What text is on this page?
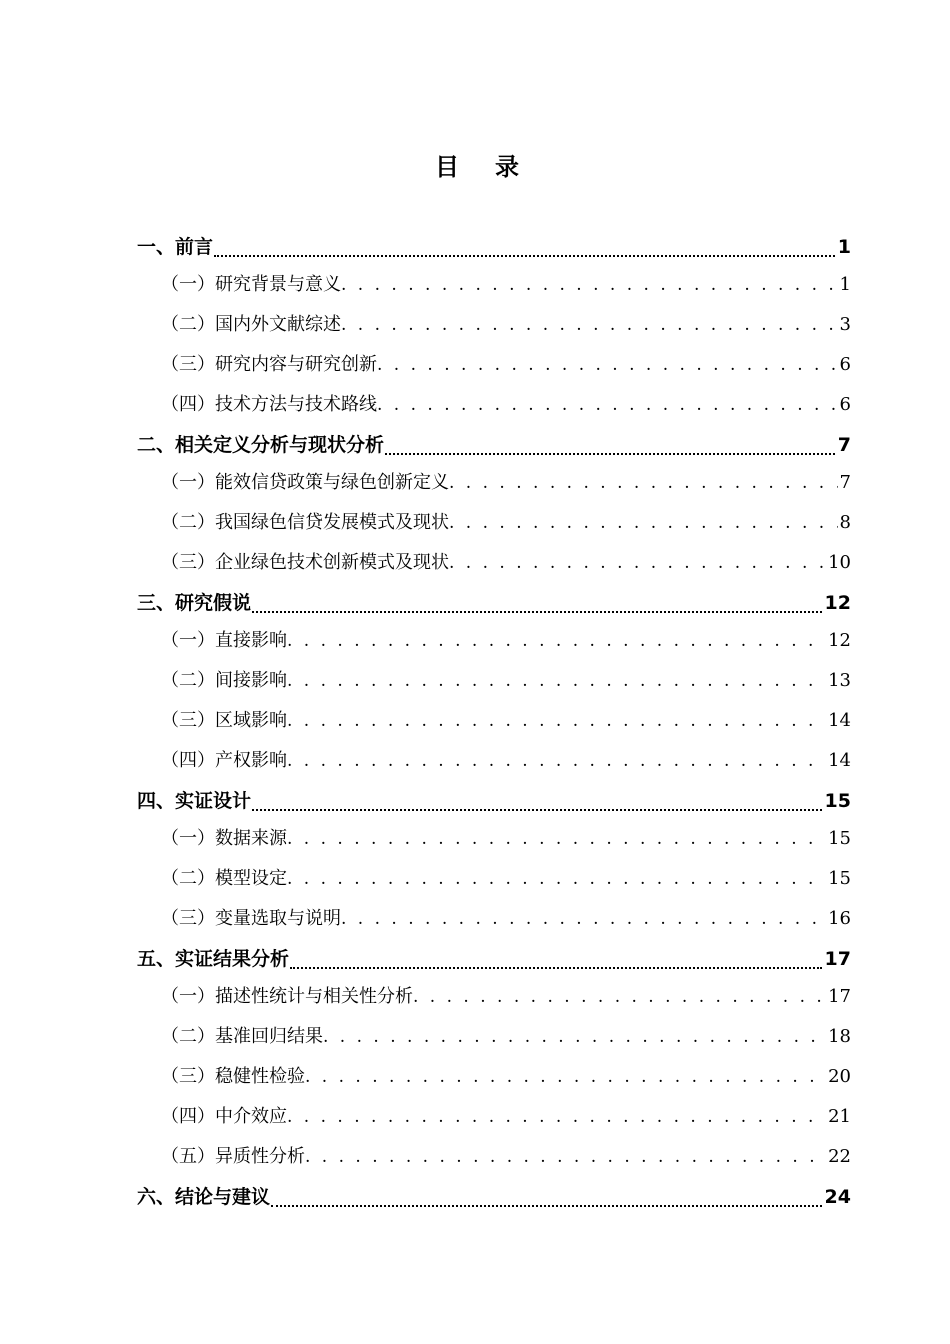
目录
一、前言	1
（一）研究背景与意义 . . .	1
（二）国内外文献综述 . . .	3
（三）研究内容与研究创新 . . .	6
（四）技术方法与技术路线 . . .	6
二、相关定义分析与现状分析	7
（一）能效信贷政策与绿色创新定义 . . .	7
（二）我国绿色信贷发展模式及现状 . . .	8
（三）企业绿色技术创新模式及现状 . . .	10
三、研究假说	12
（一）直接影响 . . .	12
（二）间接影响 . . .	13
（三）区域影响 . . .	14
（四）产权影响 . . .	14
四、实证设计	15
（一）数据来源 . . .	15
（二）模型设定 . . .	15
（三）变量选取与说明 . . .	16
五、实证结果分析	17
（一）描述性统计与相关性分析 . . .	17
（二）基准回归结果 . . .	18
（三）稳健性检验 . . .	20
（四）中介效应 . . .	21
（五）异质性分析 . . .	22
六、结论与建议	24
